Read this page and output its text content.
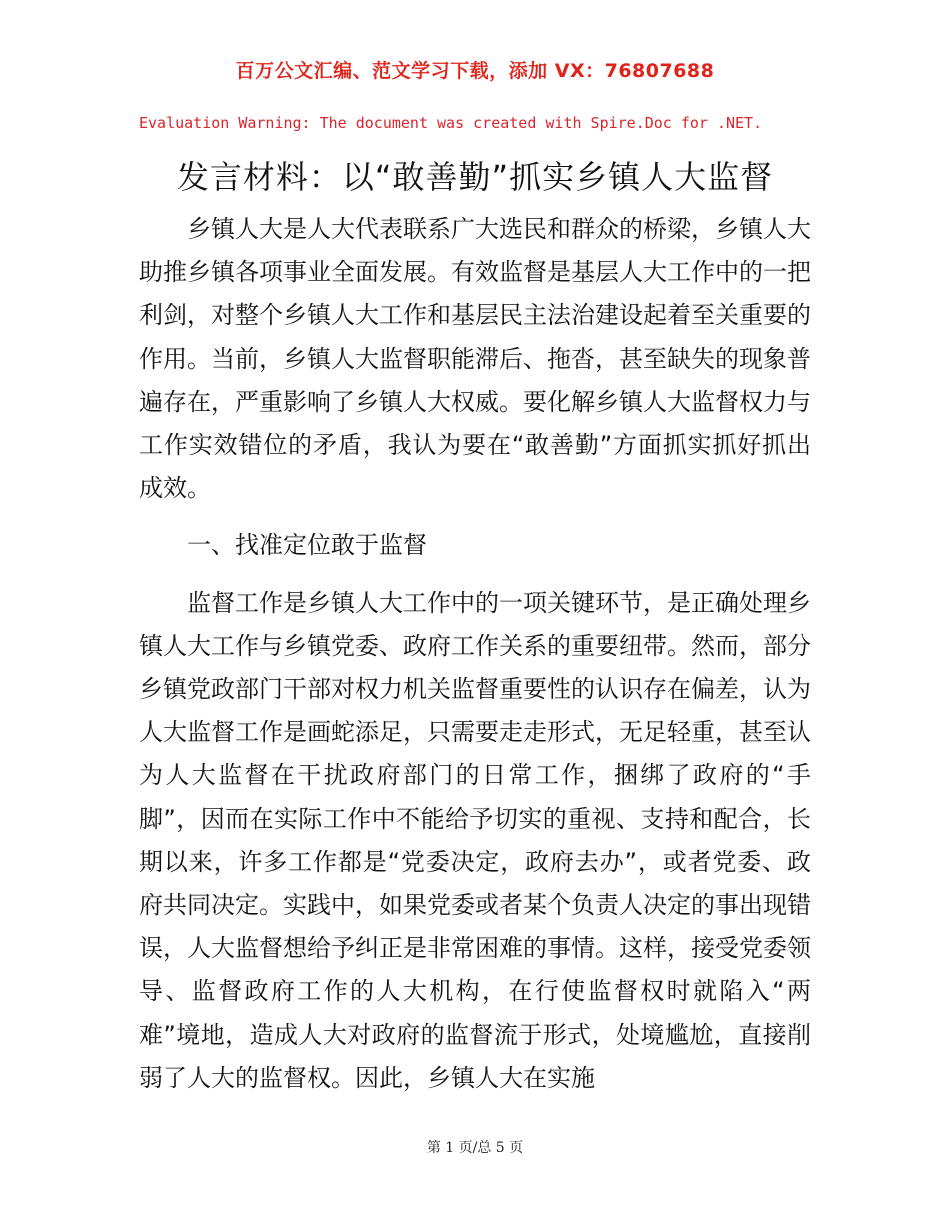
百万公文汇编、范文学习下载，添加 VX：76807688
Evaluation Warning: The document was created with Spire.Doc for .NET.
发言材料：以“敢善勤”抓实乡镇人大监督

乡镇人大是人大代表联系广大选民和群众的桥梁，乡镇人大助推乡镇各项事业全面发展。有效监督是基层人大工作中的一把利剑，对整个乡镇人大工作和基层民主法治建设起着至关重要的作用。当前，乡镇人大监督职能滞后、拖沓，甚至缺失的现象普遍存在，严重影响了乡镇人大权威。要化解乡镇人大监督权力与工作实效错位的矛盾，我认为要在“敢善勤”方面抓实抓好抓出成效。

一、找准定位敢于监督

监督工作是乡镇人大工作中的一项关键环节，是正确处理乡镇人大工作与乡镇党委、政府工作关系的重要纽带。然而，部分乡镇党政部门干部对权力机关监督重要性的认识存在偏差，认为人大监督工作是画蛇添足，只需要走走形式，无足轻重，甚至认为人大监督在干扰政府部门的日常工作，捆绑了政府的“手脚”，因而在实际工作中不能给予切实的重视、支持和配合，长期以来，许多工作都是“党委决定，政府去办”，或者党委、政府共同决定。实践中，如果党委或者某个负责人决定的事出现错误，人大监督想给予纠正是非常困难的事情。这样，接受党委领导、监督政府工作的人大机构，在行使监督权时就陷入“两难”境地，造成人大对政府的监督流于形式，处境尴尬，直接削弱了人大的监督权。因此，乡镇人大在实施

第 1 页/总 5 页
